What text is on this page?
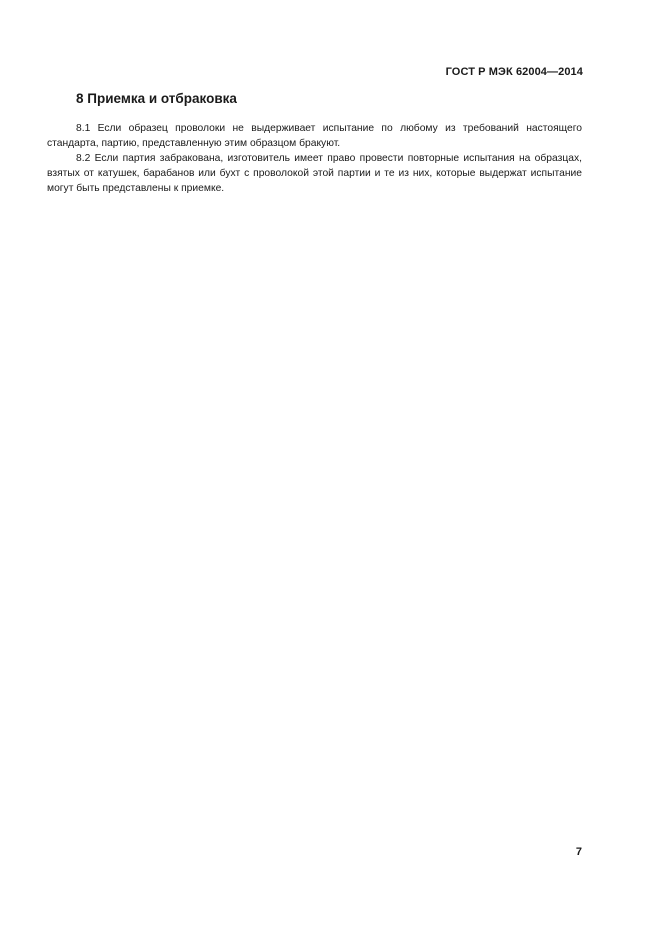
ГОСТ Р МЭК 62004—2014
8 Приемка и отбраковка

8.1 Если образец проволоки не выдерживает испытание по любому из требований настоящего стандарта, партию, представленную этим образцом бракуют.

8.2 Если партия забракована, изготовитель имеет право провести повторные испытания на образцах, взятых от катушек, барабанов или бухт с проволокой этой партии и те из них, которые выдержат испытание могут быть представлены к приемке.

7
